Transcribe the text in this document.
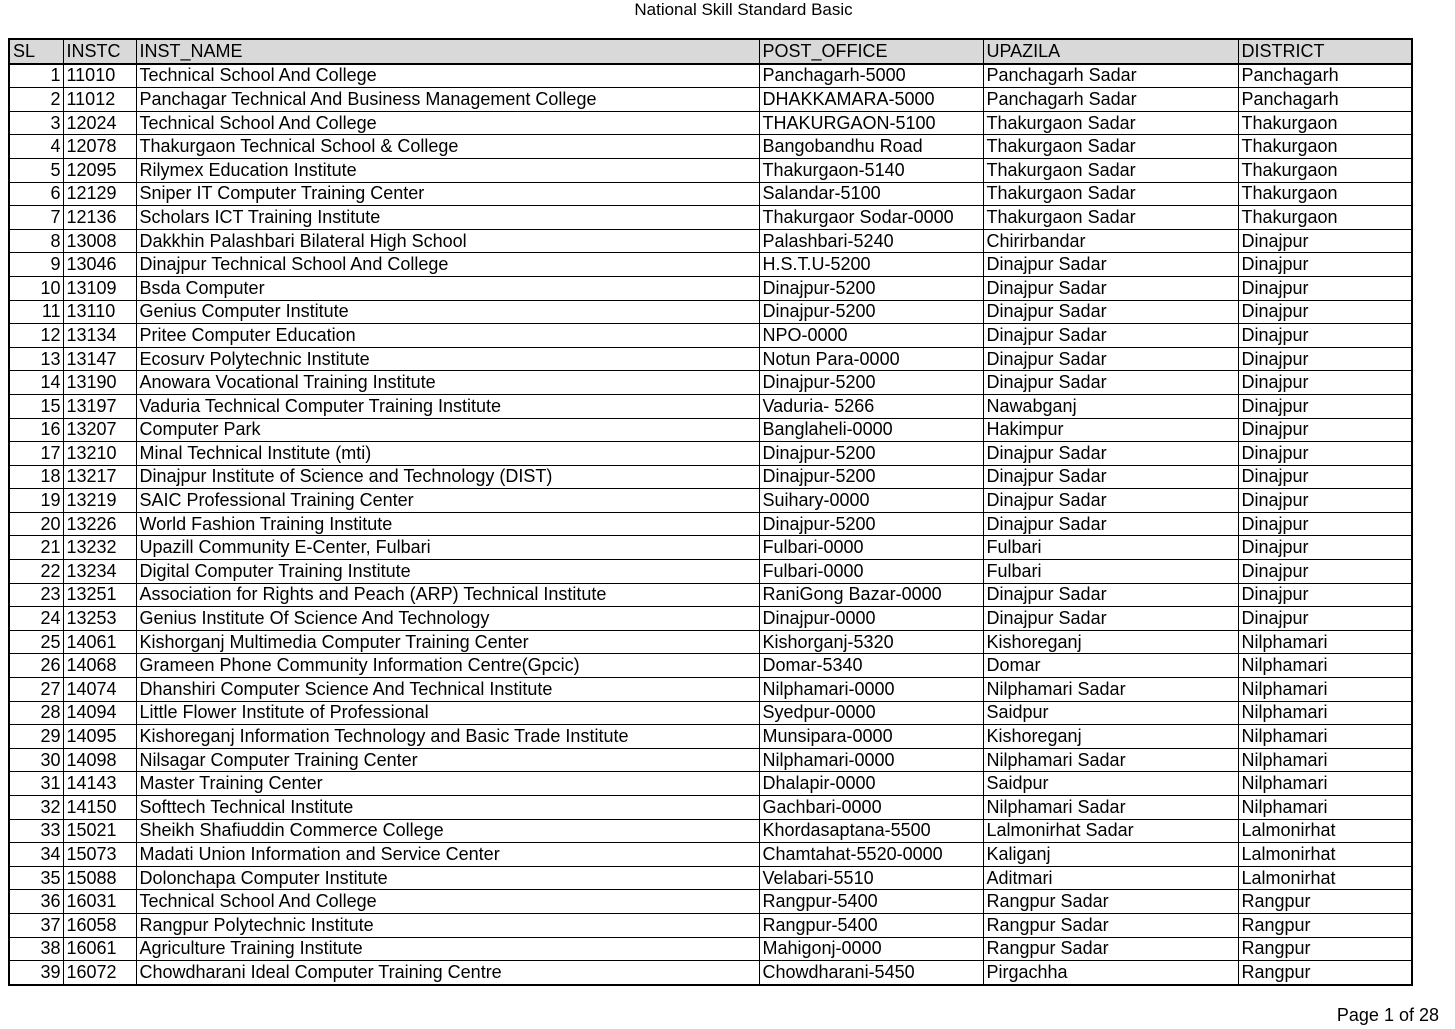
National Skill Standard Basic
SL	INSTC	INST_NAME	POST_OFFICE	UPAZILA	DISTRICT
1	11010	Technical School And College	Panchagarh-5000	Panchagarh Sadar	Panchagarh
2	11012	Panchagar Technical And Business Management College	DHAKKAMARA-5000	Panchagarh Sadar	Panchagarh
3	12024	Technical School And College	THAKURGAON-5100	Thakurgaon Sadar	Thakurgaon
4	12078	Thakurgaon Technical School & College	Bangobandhu Road	Thakurgaon Sadar	Thakurgaon
5	12095	Rilymex Education Institute	Thakurgaon-5140	Thakurgaon Sadar	Thakurgaon
6	12129	Sniper IT Computer Training Center	Salandar-5100	Thakurgaon Sadar	Thakurgaon
7	12136	Scholars ICT Training Institute	Thakurgaor Sodar-0000	Thakurgaon Sadar	Thakurgaon
8	13008	Dakkhin Palashbari Bilateral High School	Palashbari-5240	Chirirbandar	Dinajpur
9	13046	Dinajpur Technical School And College	H.S.T.U-5200	Dinajpur Sadar	Dinajpur
10	13109	Bsda Computer	Dinajpur-5200	Dinajpur Sadar	Dinajpur
11	13110	Genius Computer Institute	Dinajpur-5200	Dinajpur Sadar	Dinajpur
12	13134	Pritee Computer Education	NPO-0000	Dinajpur Sadar	Dinajpur
13	13147	Ecosurv Polytechnic Institute	Notun Para-0000	Dinajpur Sadar	Dinajpur
14	13190	Anowara Vocational Training Institute	Dinajpur-5200	Dinajpur Sadar	Dinajpur
15	13197	Vaduria Technical Computer Training Institute	Vaduria- 5266	Nawabganj	Dinajpur
16	13207	Computer Park	Banglaheli-0000	Hakimpur	Dinajpur
17	13210	Minal Technical Institute (mti)	Dinajpur-5200	Dinajpur Sadar	Dinajpur
18	13217	Dinajpur Institute of Science and Technology (DIST)	Dinajpur-5200	Dinajpur Sadar	Dinajpur
19	13219	SAIC Professional Training Center	Suihary-0000	Dinajpur Sadar	Dinajpur
20	13226	World Fashion Training Institute	Dinajpur-5200	Dinajpur Sadar	Dinajpur
21	13232	Upazill Community E-Center, Fulbari	Fulbari-0000	Fulbari	Dinajpur
22	13234	Digital Computer Training Institute	Fulbari-0000	Fulbari	Dinajpur
23	13251	Association for Rights and Peach (ARP) Technical Institute	RaniGong Bazar-0000	Dinajpur Sadar	Dinajpur
24	13253	Genius Institute Of Science And Technology	Dinajpur-0000	Dinajpur Sadar	Dinajpur
25	14061	Kishorganj Multimedia Computer Training Center	Kishorganj-5320	Kishoreganj	Nilphamari
26	14068	Grameen Phone Community Information Centre(Gpcic)	Domar-5340	Domar	Nilphamari
27	14074	Dhanshiri Computer Science And Technical Institute	Nilphamari-0000	Nilphamari Sadar	Nilphamari
28	14094	Little Flower Institute of Professional	Syedpur-0000	Saidpur	Nilphamari
29	14095	Kishoreganj Information Technology and Basic Trade Institute	Munsipara-0000	Kishoreganj	Nilphamari
30	14098	Nilsagar Computer Training Center	Nilphamari-0000	Nilphamari Sadar	Nilphamari
31	14143	Master Training Center	Dhalapir-0000	Saidpur	Nilphamari
32	14150	Softtech Technical Institute	Gachbari-0000	Nilphamari Sadar	Nilphamari
33	15021	Sheikh Shafiuddin Commerce College	Khordasaptana-5500	Lalmonirhat Sadar	Lalmonirhat
34	15073	Madati Union Information and Service Center	Chamtahat-5520-0000	Kaliganj	Lalmonirhat
35	15088	Dolonchapa Computer Institute	Velabari-5510	Aditmari	Lalmonirhat
36	16031	Technical School And College	Rangpur-5400	Rangpur Sadar	Rangpur
37	16058	Rangpur Polytechnic Institute	Rangpur-5400	Rangpur Sadar	Rangpur
38	16061	Agriculture Training Institute	Mahigonj-0000	Rangpur Sadar	Rangpur
39	16072	Chowdharani Ideal Computer Training Centre	Chowdharani-5450	Pirgachha	Rangpur
Page 1 of 28
